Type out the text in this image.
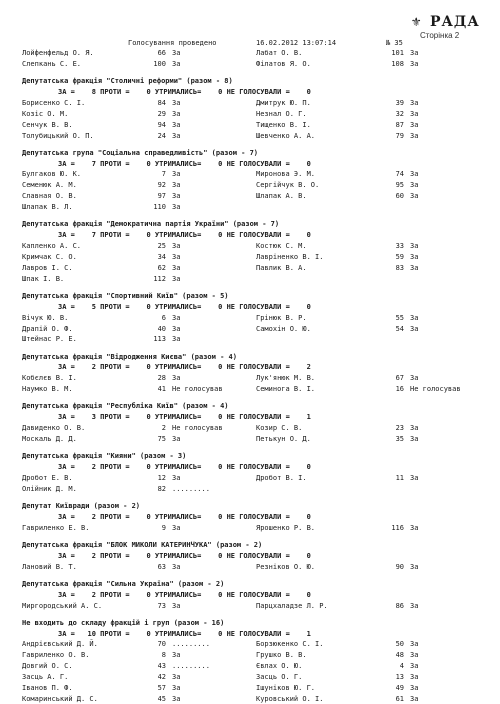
⚜ РАДА
Сторінка 2
Голосування проведено	16.02.2012 13:07:14	№ 35
Лойфенфельд О. Я.	66 За	Лабат О. В.	101 За
Слепкань С. Е.	100 За	Філатов Я. О.	108 За
Депутатська фракція "Столичні реформи" (разом - 8)
ЗА =    8 ПРОТИ =    0 УТРИМАЛИСЬ=    0 НЕ ГОЛОСУВАЛИ =    0
Борисенко С. І.	84 За	Дмитрук Ю. П.	39 За
Козіс О. М.	29 За	Незнал О. Г.	32 За
Сенчук В. В.	94 За	Тищенко В. І.	87 За
Толубицький О. П.	24 За	Шевченко А. А.	79 За
Депутатська група "Соціальна справедливість" (разом - 7)
ЗА =    7 ПРОТИ =    0 УТРИМАЛИСЬ=    0 НЕ ГОЛОСУВАЛИ =    0
Булгаков Ю. К.	7 За	Миронова Э. М.	74 За
Семенюк А. М.	92 За	Сергійчук В. О.	95 За
Славная О. В.	97 За	Шлапак А. В.	60 За
Шлапак В. Л.	110 За
Депутатська фракція "Демократична партія України" (разом - 7)
ЗА =    7 ПРОТИ =    0 УТРИМАЛИСЬ=    0 НЕ ГОЛОСУВАЛИ =    0
Капленко А. С.	25 За	Костюк С. М.	33 За
Кримчак С. О.	34 За	Лавріненко В. І.	59 За
Лавров І. С.	62 За	Павлик В. А.	83 За
Шпак І. В.	112 За
Депутатська фракція "Спортивний Київ" (разом - 5)
ЗА =    5 ПРОТИ =    0 УТРИМАЛИСЬ=    0 НЕ ГОЛОСУВАЛИ =    0
Вічук Ю. В.	6 За	Грінюк В. Р.	55 За
Драпій О. Ф.	40 За	Самохін О. Ю.	54 За
Штейнас Р. Е.	113 За
Депутатська фракція "Відродження Києва" (разом - 4)
ЗА =    2 ПРОТИ =    0 УТРИМАЛИСЬ=    0 НЕ ГОЛОСУВАЛИ =    2
Кобєлєв В. І.	28 За	Лук'янюк М. В.	67 За
Наумко В. М.	41 Не голосував	Семинога В. І.	16 Не голосував
Депутатська фракція "Республіка Київ" (разом - 4)
ЗА =    3 ПРОТИ =    0 УТРИМАЛИСЬ=    0 НЕ ГОЛОСУВАЛИ =    1
Давиденко О. В.	2 Не голосував	Козир С. В.	23 За
Москаль Д. Д.	75 За	Петькун О. Д.	35 За
Депутатська фракція "Кияни" (разом - 3)
ЗА =    2 ПРОТИ =    0 УТРИМАЛИСЬ=    0 НЕ ГОЛОСУВАЛИ =    0
Дробот Е. В.	12 За	Дробот В. І.	11 За
Олійник Д. М.	82 .........
Депутат Київради (разом - 2)
ЗА =    2 ПРОТИ =    0 УТРИМАЛИСЬ=    0 НЕ ГОЛОСУВАЛИ =    0
Гавриленко Е. В.	9 За	Ярошенко Р. В.	116 За
Депутатська фракція "БЛОК МИКОЛИ КАТЕРИНЧУКА" (разом - 2)
ЗА =    2 ПРОТИ =    0 УТРИМАЛИСЬ=    0 НЕ ГОЛОСУВАЛИ =    0
Лановий В. Т.	63 За	Резніков О. Ю.	90 За
Депутатська фракція "Сильна Україна" (разом - 2)
ЗА =    2 ПРОТИ =    0 УТРИМАЛИСЬ=    0 НЕ ГОЛОСУВАЛИ =    0
Миргородський А. С.	73 За	Парцхаладзе Л. Р.	86 За
Не входить до складу фракцій і груп (разом - 16)
ЗА =   10 ПРОТИ =    0 УТРИМАЛИСЬ=    0 НЕ ГОЛОСУВАЛИ =    1
Андрієвський Д. Й.	70 .........	Борзюкенко С. І.	50 За
Гавриленко О. В.	8 За	Грушко В. В.	48 За
Довгий О. С.	43 .........	Євлах О. Ю.	4 За
Засць А. Г.	42 За	Засць О. Г.	13 За
Іванов П. Ф.	57 За	Ішуніков Ю. Г.	49 За
Комаринський Д. С.	45 За	Куровський О. І.	61 За
